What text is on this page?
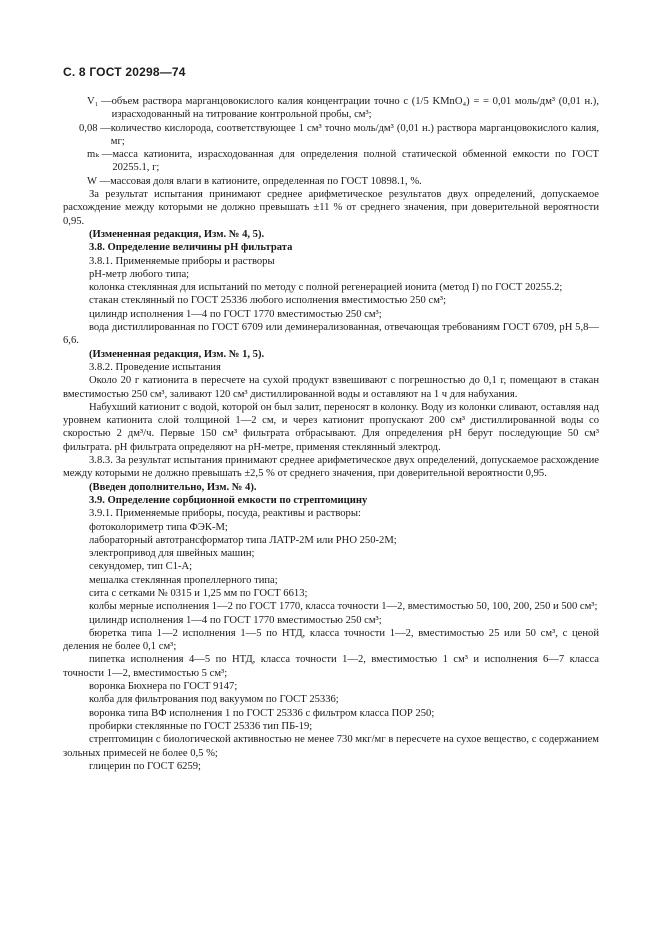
С. 8 ГОСТ 20298—74
V₁ — объем раствора марганцовокислого калия концентрации точно c (1/5 KMnO₄) = = 0,01 моль/дм³ (0,01 н.), израсходованный на титрование контрольной пробы, см³;
0,08 — количество кислорода, соответствующее 1 см³ точно моль/дм³ (0,01 н.) раствора марганцовокислого калия, мг;
mₖ — масса катионита, израсходованная для определения полной статической обменной емкости по ГОСТ 20255.1, г;
W — массовая доля влаги в катионите, определенная по ГОСТ 10898.1, %.

За результат испытания принимают среднее арифметическое результатов двух определений, допускаемое расхождение между которыми не должно превышать ±11 % от среднего значения, при доверительной вероятности 0,95.

(Измененная редакция, Изм. № 4, 5).

3.8. Определение величины pH фильтрата

3.8.1. Применяемые приборы и растворы

pH-метр любого типа;

колонка стеклянная для испытаний по методу с полной регенерацией ионита (метод I) по ГОСТ 20255.2;

стакан стеклянный по ГОСТ 25336 любого исполнения вместимостью 250 см³;

цилиндр исполнения 1—4 по ГОСТ 1770 вместимостью 250 см³;

вода дистиллированная по ГОСТ 6709 или деминерализованная, отвечающая требованиям ГОСТ 6709, pH 5,8—6,6.

(Измененная редакция, Изм. № 1, 5).

3.8.2. Проведение испытания

Около 20 г катионита в пересчете на сухой продукт взвешивают с погрешностью до 0,1 г, помещают в стакан вместимостью 250 см³, заливают 120 см³ дистиллированной воды и оставляют на 1 ч для набухания.

Набухший катионит с водой, которой он был залит, переносят в колонку. Воду из колонки сливают, оставляя над уровнем катионита слой толщиной 1—2 см, и через катионит пропускают 200 см³ дистиллированной воды со скоростью 2 дм³/ч. Первые 150 см³ фильтрата отбрасывают. Для определения pH берут последующие 50 см³ фильтрата. pH фильтрата определяют на pH-метре, применяя стеклянный электрод.

3.8.3. За результат испытания принимают среднее арифметическое двух определений, допускаемое расхождение между которыми не должно превышать ±2,5 % от среднего значения, при доверительной вероятности 0,95.

(Введен дополнительно, Изм. № 4).

3.9. Определение сорбционной емкости по стрептомицину

3.9.1. Применяемые приборы, посуда, реактивы и растворы:

фотоколориметр типа ФЭК-М;

лабораторный автотрансформатор типа ЛАТР-2М или РНО 250-2М;

электропривод для швейных машин;

секундомер, тип С1-А;

мешалка стеклянная пропеллерного типа;

сита с сетками № 0315 и 1,25 мм по ГОСТ 6613;

колбы мерные исполнения 1—2 по ГОСТ 1770, класса точности 1—2, вместимостью 50, 100, 200, 250 и 500 см³;

цилиндр исполнения 1—4 по ГОСТ 1770 вместимостью 250 см³;

бюретка типа 1—2 исполнения 1—5 по НТД, класса точности 1—2, вместимостью 25 или 50 см³, с ценой деления не более 0,1 см³;

пипетка исполнения 4—5 по НТД, класса точности 1—2, вместимостью 1 см³ и исполнения 6—7 класса точности 1—2, вместимостью 5 см³;

воронка Бюхнера по ГОСТ 9147;

колба для фильтрования под вакуумом по ГОСТ 25336;

воронка типа ВФ исполнения 1 по ГОСТ 25336 с фильтром класса ПОР 250;

пробирки стеклянные по ГОСТ 25336 тип ПБ-19;

стрептомицин с биологической активностью не менее 730 мкг/мг в пересчете на сухое вещество, с содержанием зольных примесей не более 0,5 %;

глицерин по ГОСТ 6259;
